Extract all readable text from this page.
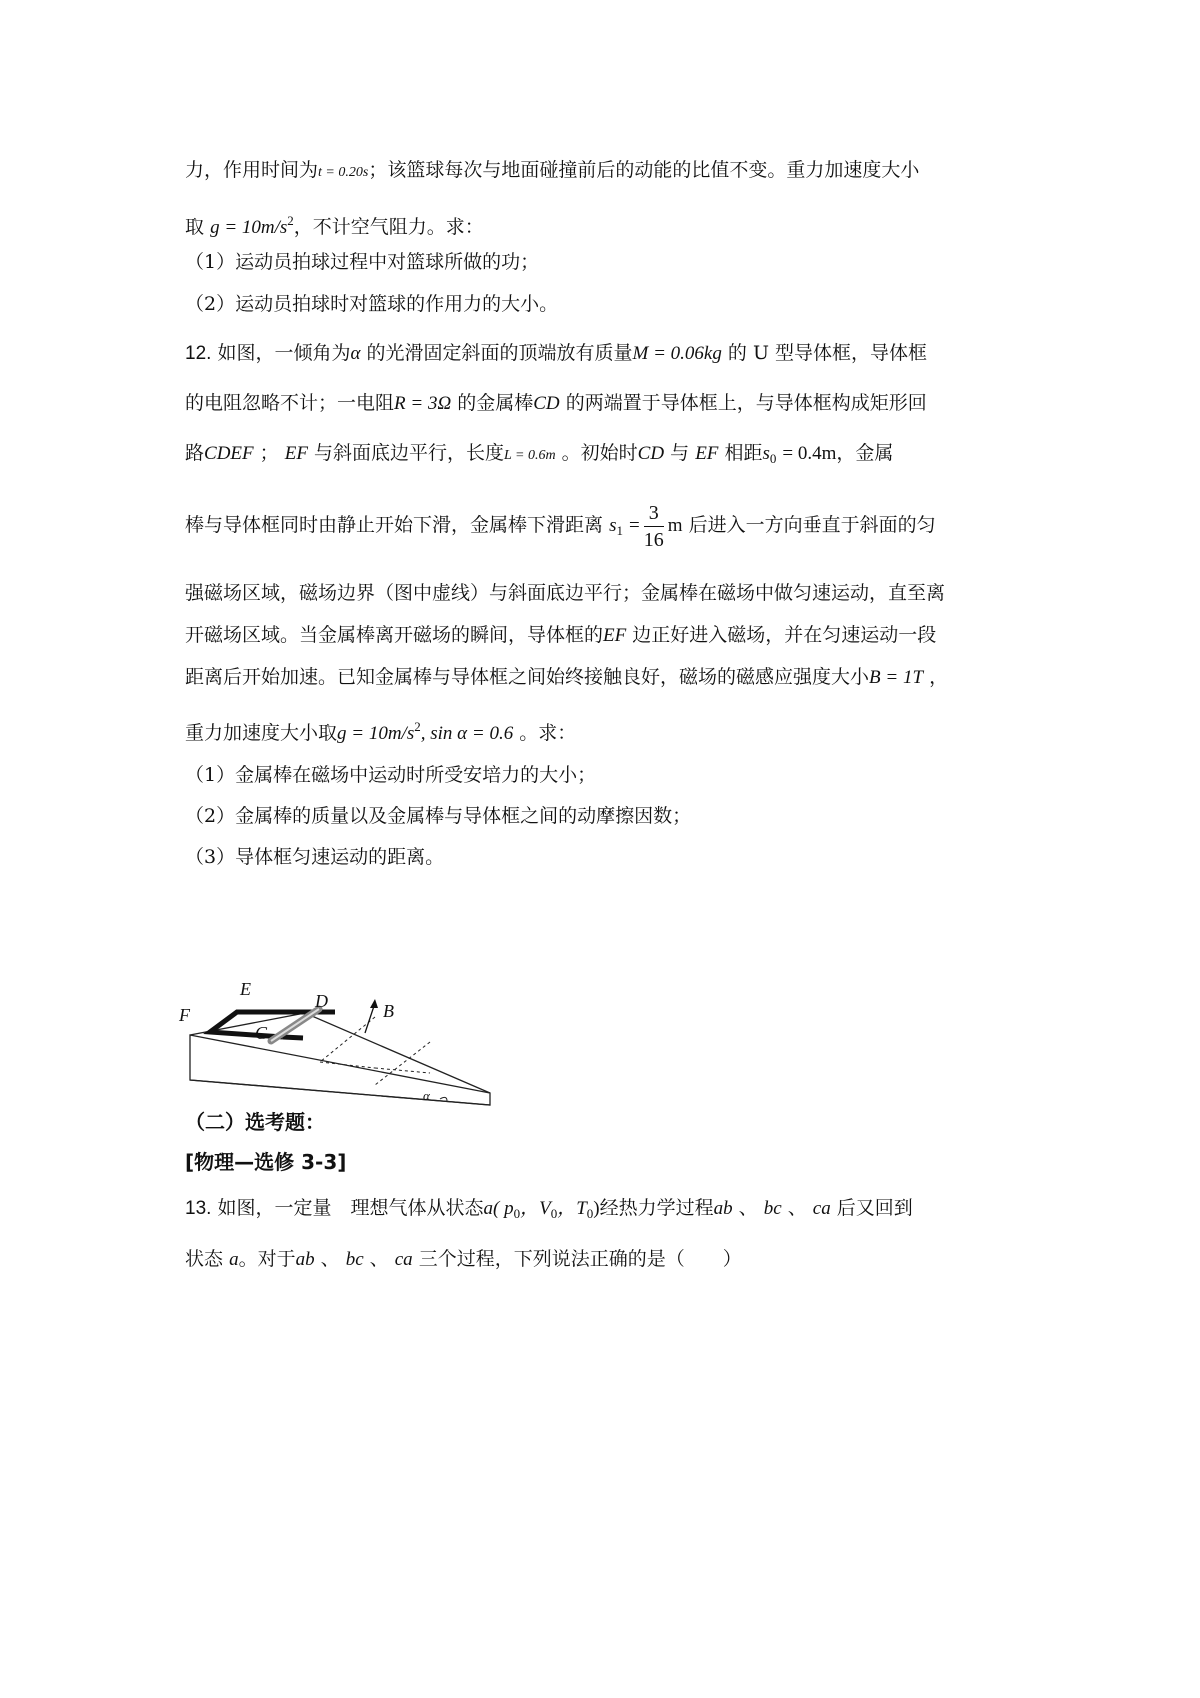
力，作用时间为t = 0.20s；该篮球每次与地面碰撞前后的动能的比值不变。重力加速度大小
取 $g = 10m/s^2$，不计空气阻力。求：
（1）运动员拍球过程中对篮球所做的功；
（2）运动员拍球时对篮球的作用力的大小。
12. 如图，一倾角为α 的光滑固定斜面的顶端放有质量M = 0.06kg 的 U 型导体框，导体框
的电阻忽略不计；一电阻R = 3Ω 的金属棒CD 的两端置于导体框上，与导体框构成矩形回
路CDEF ； EF 与斜面底边平行，长度L = 0.6m 。初始时CD 与 EF 相距$s_0 = 0.4m$，金属
棒与导体框同时由静止开始下滑，金属棒下滑距离 $s_1 = \frac{3}{16}$ m 后进入一方向垂直于斜面的匀
强磁场区域，磁场边界（图中虚线）与斜面底边平行；金属棒在磁场中做匀速运动，直至离
开磁场区域。当金属棒离开磁场的瞬间，导体框的EF 边正好进入磁场，并在匀速运动一段
距离后开始加速。已知金属棒与导体框之间始终接触良好，磁场的磁感应强度大小B = 1T ，
重力加速度大小取$g = 10m/s^2$, sin α = 0.6 。求：
（1）金属棒在磁场中运动时所受安培力的大小；
（2）金属棒的质量以及金属棒与导体框之间的动摩擦因数；
（3）导体框匀速运动的距离。
E
F
D
C
B
α
（二）选考题：
[物理—选修 3-3]
13. 如图，一定量　 理想气体从状态a( $p_0$，$V_0$，$T_0$)经热力学过程ab 、 bc 、 ca 后又回到
状态 a。对于ab 、 bc 、 ca 三个过程，下列说法正确的是（　　）
